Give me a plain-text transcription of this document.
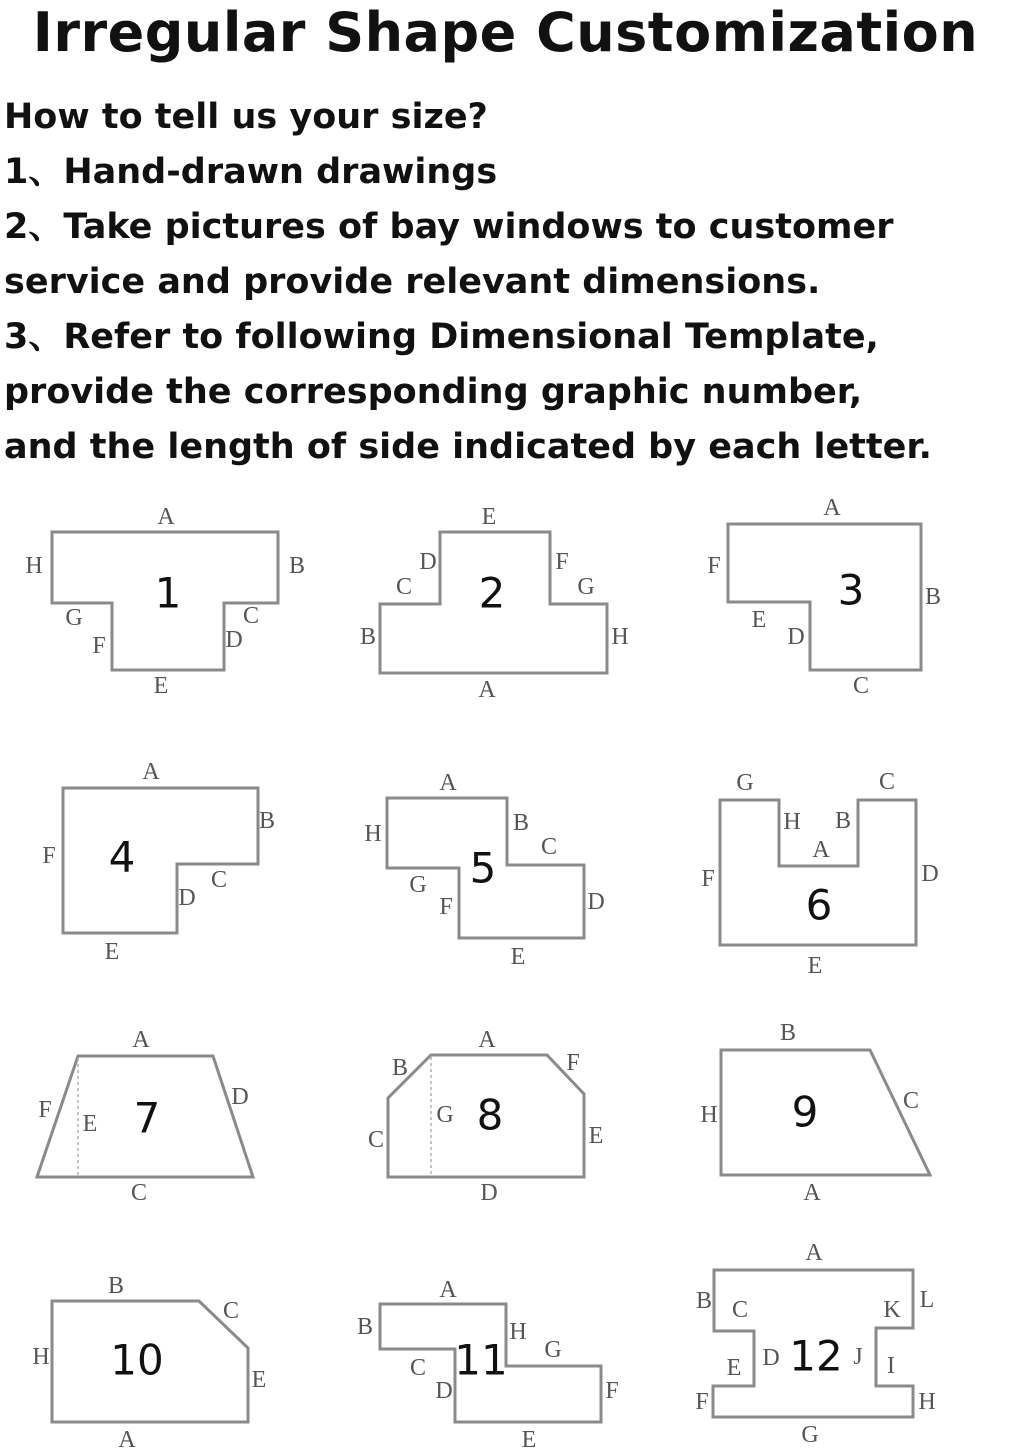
Irregular Shape Customization

How to tell us your size?

1、Hand-drawn drawings

2、Take pictures of bay windows to customer

service and provide relevant dimensions.

3、Refer to following Dimensional Template,

provide the corresponding graphic number,

and the length of side indicated by each letter.

1
A
B
C
D
E
F
G
H
2
A
B
C
D
E
F
G
H
3
A
B
C
D
E
F
4
A
B
C
D
E
F	5
A
B
C
D
E
F
G
H
6
A
B
C
D
E
F
G
H
7
A
C
D
E
F	8
A
B
C
D
E
F
G	9
A
B
C
H
10
A
B
C
E
H	11
A
B
C
D
E
F
G
H	12
A
B C
D
E
F
G
H
I
J
K L
